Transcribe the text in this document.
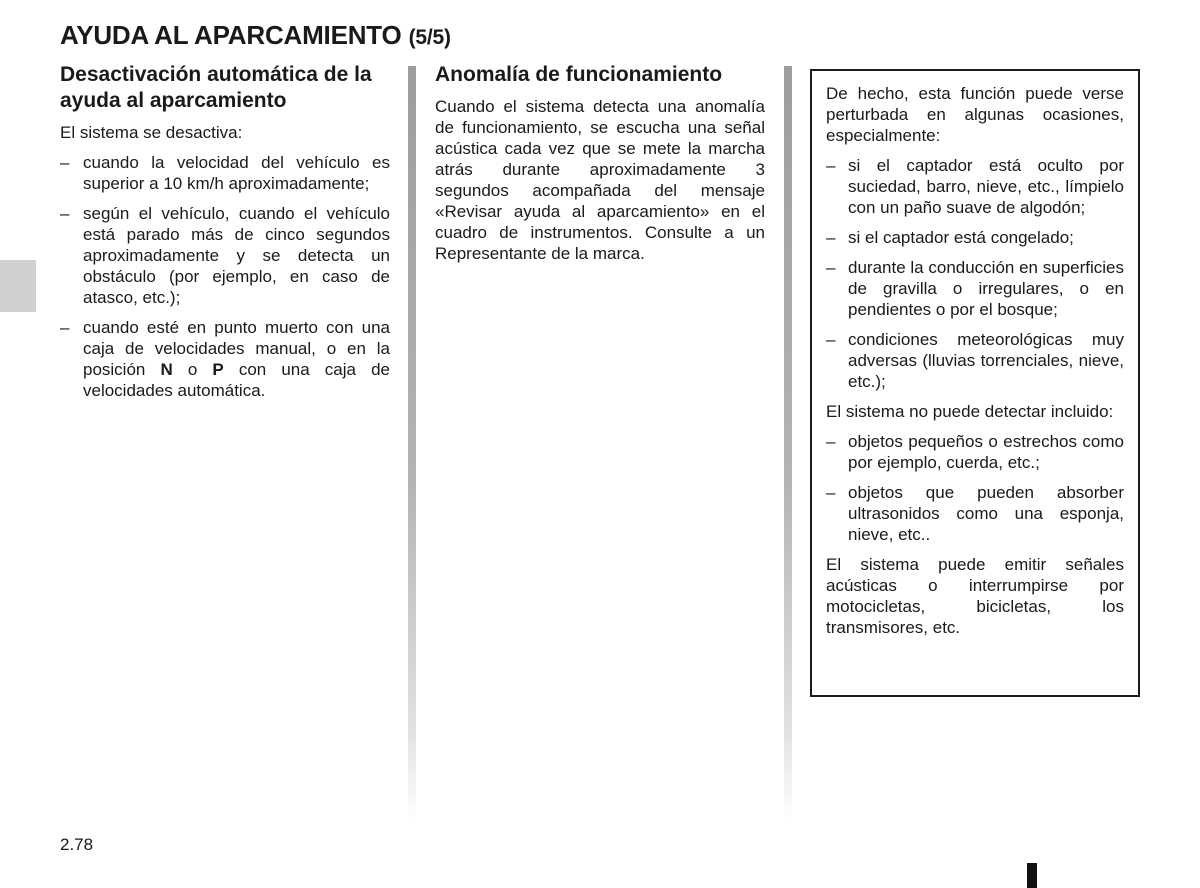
AYUDA AL APARCAMIENTO (5/5)
Desactivación automática de la ayuda al aparcamiento

El sistema se desactiva:

– cuando la velocidad del vehículo es superior a 10 km/h aproximadamente;
– según el vehículo, cuando el vehículo está parado más de cinco segundos aproximadamente y se detecta un obstáculo (por ejemplo, en caso de atasco, etc.);
– cuando esté en punto muerto con una caja de velocidades manual, o en la posición N o P con una caja de velocidades automática.
Anomalía de funcionamiento

Cuando el sistema detecta una anomalía de funcionamiento, se escucha una señal acústica cada vez que se mete la marcha atrás durante aproximadamente 3 segundos acompañada del mensaje «Revisar ayuda al aparcamiento» en el cuadro de instrumentos. Consulte a un Representante de la marca.

De hecho, esta función puede verse perturbada en algunas ocasiones, especialmente:

– si el captador está oculto por suciedad, barro, nieve, etc., límpielo con un paño suave de algodón;
– si el captador está congelado;
– durante la conducción en superficies de gravilla o irregulares, o en pendientes o por el bosque;
– condiciones meteorológicas muy adversas (lluvias torrenciales, nieve, etc.);

El sistema no puede detectar incluido:

– objetos pequeños o estrechos como por ejemplo, cuerda, etc.;
– objetos que pueden absorber ultrasonidos como una esponja, nieve, etc..

El sistema puede emitir señales acústicas o interrumpirse por motocicletas, bicicletas, los transmisores, etc.

2.78
